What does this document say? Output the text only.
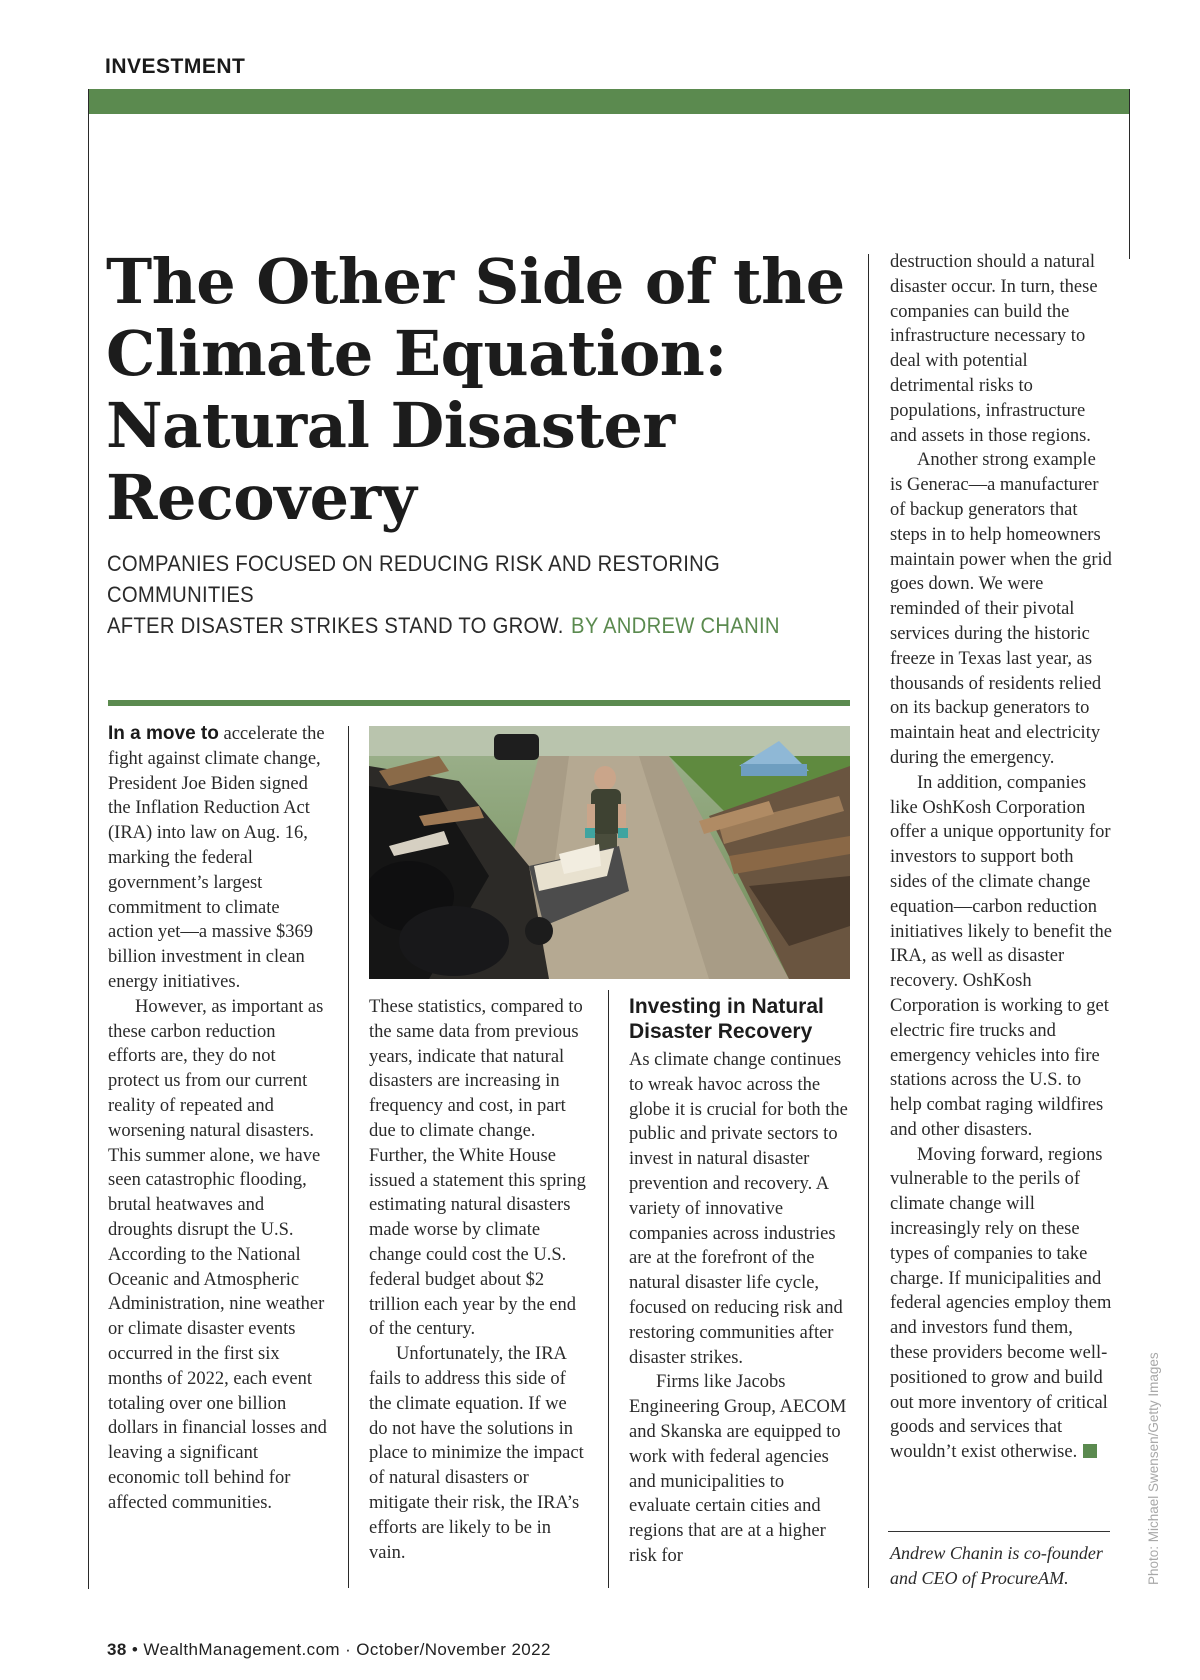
INVESTMENT
The Other Side of the
Climate Equation:
Natural Disaster
Recovery
COMPANIES FOCUSED ON REDUCING RISK AND RESTORING COMMUNITIES
AFTER DISASTER STRIKES STAND TO GROW. BY ANDREW CHANIN

In a move to accelerate the fight against climate change, President Joe Biden signed the Inflation Reduction Act (IRA) into law on Aug. 16, marking the federal government’s largest commitment to climate action yet—a massive $369 billion investment in clean energy initiatives.

However, as important as these carbon reduction efforts are, they do not protect us from our current reality of repeated and worsening natural disasters. This summer alone, we have seen catastrophic flooding, brutal heatwaves and droughts disrupt the U.S. According to the National Oceanic and Atmospheric Administration, nine weather or climate disaster events occurred in the first six months of 2022, each event totaling over one billion dollars in financial losses and leaving a significant economic toll behind for affected communities.

These statistics, compared to the same data from previous years, indicate that natural disasters are increasing in frequency and cost, in part due to climate change. Further, the White House issued a statement this spring estimating natural disasters made worse by climate change could cost the U.S. federal budget about $2 trillion each year by the end of the century.

Unfortunately, the IRA fails to address this side of the climate equation. If we do not have the solutions in place to minimize the impact of natural disasters or mitigate their risk, the IRA’s efforts are likely to be in vain.

Investing in Natural Disaster Recovery

As climate change continues to wreak havoc across the globe it is crucial for both the public and private sectors to invest in natural disaster prevention and recovery. A variety of innovative companies across industries are at the forefront of the natural disaster life cycle, focused on reducing risk and restoring communities after disaster strikes.

Firms like Jacobs Engineering Group, AECOM and Skanska are equipped to work with federal agencies and municipalities to evaluate certain cities and regions that are at a higher risk for

destruction should a natural disaster occur. In turn, these companies can build the infrastructure necessary to deal with potential detrimental risks to populations, infrastructure and assets in those regions.

Another strong example is Generac—a manufacturer of backup generators that steps in to help homeowners maintain power when the grid goes down. We were reminded of their pivotal services during the historic freeze in Texas last year, as thousands of residents relied on its backup generators to maintain heat and electricity during the emergency.

In addition, companies like OshKosh Corporation offer a unique opportunity for investors to support both sides of the climate change equation—carbon reduction initiatives likely to benefit the IRA, as well as disaster recovery. OshKosh Corporation is working to get electric fire trucks and emergency vehicles into fire stations across the U.S. to help combat raging wildfires and other disasters.

Moving forward, regions vulnerable to the perils of climate change will increasingly rely on these types of companies to take charge. If municipalities and federal agencies employ them and investors fund them, these providers become well-positioned to grow and build out more inventory of critical goods and services that wouldn’t exist otherwise.

Andrew Chanin is co-founder and CEO of ProcureAM.	Photo: Michael Swensen/Getty Images
38 • WealthManagement.com · October/November 2022
